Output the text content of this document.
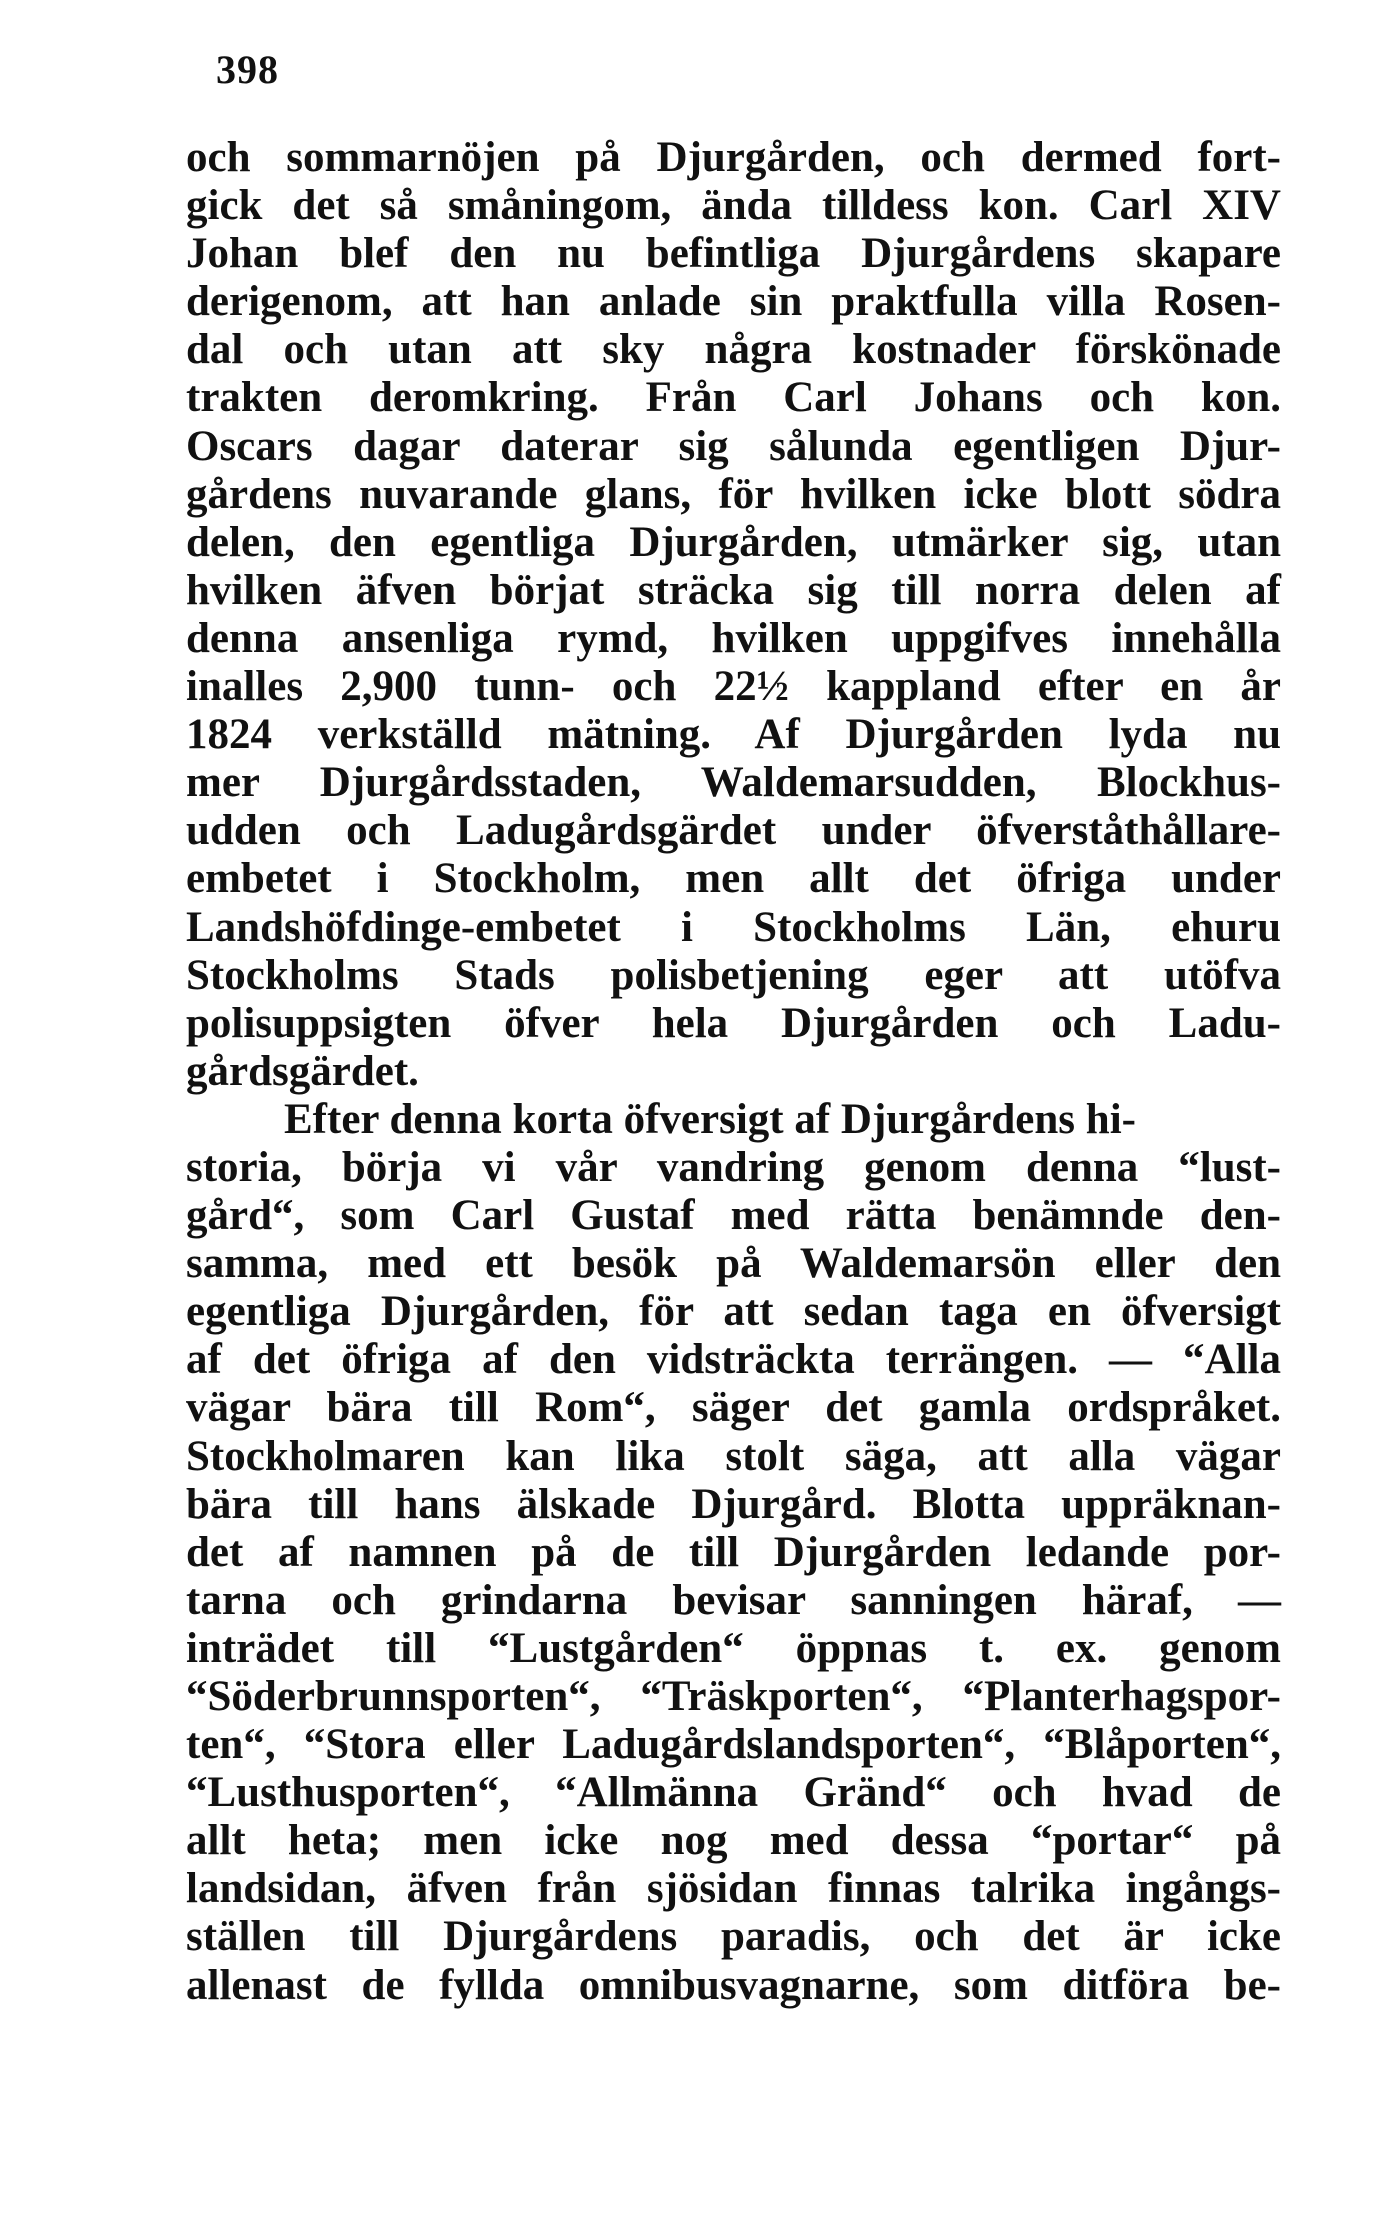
398
och sommarnöjen på Djurgården, och dermed fort-
gick det så småningom, ända tilldess kon. Carl XIV
Johan blef den nu befintliga Djurgårdens skapare
derigenom, att han anlade sin praktfulla villa Rosen-
dal och utan att sky några kostnader förskönade
trakten deromkring. Från Carl Johans och kon.
Oscars dagar daterar sig sålunda egentligen Djur-
gårdens nuvarande glans, för hvilken icke blott södra
delen, den egentliga Djurgården, utmärker sig, utan
hvilken äfven börjat sträcka sig till norra delen af
denna ansenliga rymd, hvilken uppgifves innehålla
inalles 2,900 tunn- och 22½ kappland efter en år
1824 verkställd mätning. Af Djurgården lyda nu
mer Djurgårdsstaden, Waldemarsudden, Blockhus-
udden och Ladugårdsgärdet under öfverståthållare-
embetet i Stockholm, men allt det öfriga under
Landshöfdinge-embetet i Stockholms Län, ehuru
Stockholms Stads polisbetjening eger att utöfva
polisuppsigten öfver hela Djurgården och Ladu-
gårdsgärdet.
Efter denna korta öfversigt af Djurgårdens hi-
storia, börja vi vår vandring genom denna “lust-
gård“, som Carl Gustaf med rätta benämnde den-
samma, med ett besök på Waldemarsön eller den
egentliga Djurgården, för att sedan taga en öfversigt
af det öfriga af den vidsträckta terrängen. — “Alla
vägar bära till Rom“, säger det gamla ordspråket.
Stockholmaren kan lika stolt säga, att alla vägar
bära till hans älskade Djurgård. Blotta uppräknan-
det af namnen på de till Djurgården ledande por-
tarna och grindarna bevisar sanningen häraf, —
inträdet till “Lustgården“ öppnas t. ex. genom
“Söderbrunnsporten“, “Träskporten“, “Planterhagspor-
ten“, “Stora eller Ladugårdslandsporten“, “Blåporten“,
“Lusthusporten“, “Allmänna Gränd“ och hvad de
allt heta; men icke nog med dessa “portar“ på
landsidan, äfven från sjösidan finnas talrika ingångs-
ställen till Djurgårdens paradis, och det är icke
allenast de fyllda omnibusvagnarne, som ditföra be-
